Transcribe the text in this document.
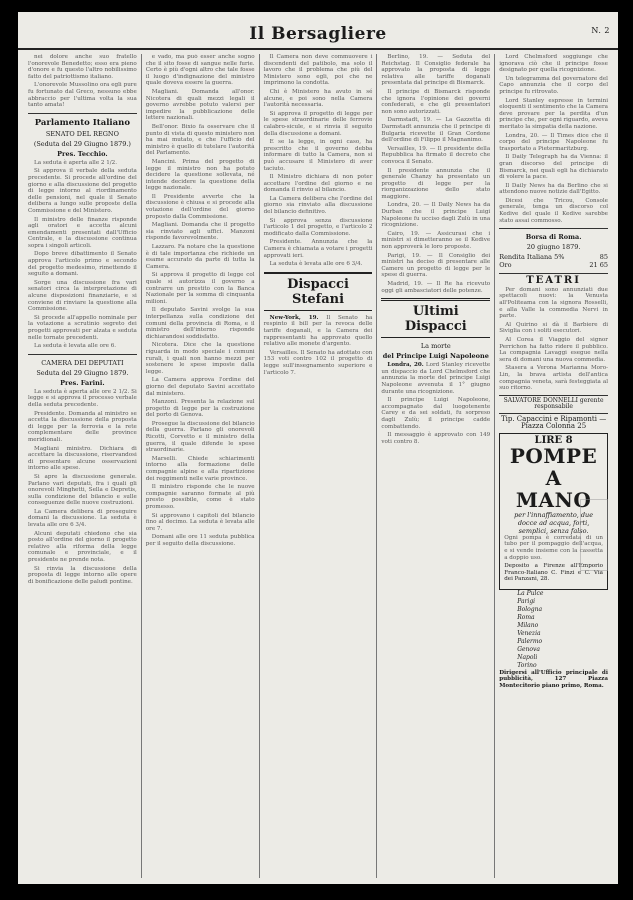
Il Bersagliere	N. 2

nei dolore anche suo fratello l'onorevole Benedetto; esso era pieno d'onore e fu questo l'altro nobilissimo fatto del patriottismo italiano.

L'onorevole Mussolino ora egli pure fu fortunato dal Greco, nessuno ebbe abbraccio per l'ultima volta la sua tanto amata!

Parlamento Italiano
SENATO DEL REGNO
(Seduta del 29 Giugno 1879.)
Pres. Tecchio.

La seduta è aperta alle 2 1/2.

Si approva il verbale della seduta precedente. Si procede all'ordine del giorno e alla discussione del progetto di legge intorno al riordinamento delle pensioni, nel quale il Senato delibera a lungo sulle proposte della Commissione e del Ministero.

Il ministro delle finanze risponde agli oratori e accetta alcuni emendamenti presentati dall'Ufficio Centrale, e la discussione continua sopra i singoli articoli.

Dopo breve dibattimento il Senato approva l'articolo primo e secondo del progetto medesimo, rimettendo il seguito a domani.

Sorge una discussione fra vari senatori circa la interpretazione di alcune disposizioni finanziarie, e si conviene di rinviare la questione alla Commissione.

Si procede all'appello nominale per la votazione a scrutinio segreto dei progetti approvati per alzata e seduta nelle tornate precedenti.

La seduta è levata alle ore 6.

CAMERA DEI DEPUTATI
Seduta del 29 Giugno 1879.
Pres. Farini.

La seduta è aperta alle ore 2 1/2. Si legge e si approva il processo verbale della seduta precedente.

Presidente. Domanda al ministro se accetta la discussione della proposta di legge per la ferrovia e la rete complementare delle province meridionali.

Magliani ministro. Dichiara di accettare la discussione, riservandosi di presentare alcune osservazioni intorno alle spese.

Si apre la discussione generale. Parlano vari deputati, fra i quali gli onorevoli Minghetti, Sella e Depretis, sulla condizione del bilancio e sulle conseguenze delle nuove costruzioni.

La Camera delibera di proseguire domani la discussione. La seduta è levata alle ore 6 3/4.

Alcuni deputati chiedono che sia posto all'ordine del giorno il progetto relativo alla riforma della legge comunale e provinciale, e il presidente ne prende nota.

Si rinvia la discussione della proposta di legge intorno alle opere di bonificazione delle paludi pontine.

e vado, ma può esser anche sogno che il sito fosse di sangue nelle furie. Certo è più d'ogni altro che tale fosse il luogo d'indignazione del ministro quale doveva essere la guerra.

Magliani. Domanda all'onor. Nicotera di quali mezzi legali il governo avrebbe potuto valersi per impedire la pubblicazione delle lettere nazionali.

Bell'onor. Bixio fa osservare che il punto di vista di questo ministero non ha mai mutato, e che l'ufficio del ministro è quello di tutelare l'autorità del Parlamento.

Mancini. Prima del progetto di legge il ministro non ha potuto decidere la questione sollevata, né intende decidere la questione della legge nazionale.

Il Presidente avverte che la discussione è chiusa e si procede alla votazione dell'ordine del giorno proposto dalla Commissione.

Magliani. Domanda che il progetto sia rinviato agli uffici. Manzoni risponde favorevolmente.

Lazzaro. Fa notare che la questione è di tale importanza che richiede un esame accurato da parte di tutta la Camera.

Si approva il progetto di legge col quale si autorizza il governo a contrarre un prestito con la Banca Nazionale per la somma di cinquanta milioni.

Il deputato Savini svolge la sua interpellanza sulla condizione dei comuni della provincia di Roma, e il ministro dell'interno risponde dichiarandosi soddisfatto.

Nicotera. Dice che la questione riguarda in modo speciale i comuni rurali, i quali non hanno mezzi per sostenere le spese imposte dalla legge.

La Camera approva l'ordine del giorno del deputato Savini accettato dal ministero.

Manzoni. Presenta la relazione sul progetto di legge per la costruzione del porto di Genova.

Prosegue la discussione del bilancio della guerra. Parlano gli onorevoli Ricotti, Corvetto e il ministro della guerra, il quale difende le spese straordinarie.

Marselli. Chiede schiarimenti intorno alla formazione delle compagnie alpine e alla ripartizione dei reggimenti nelle varie province.

Il ministro risponde che le nuove compagnie saranno formate al più presto possibile, come è stato promesso.

Si approvano i capitoli del bilancio fino al decimo. La seduta è levata alle ore 7.

Domani alle ore 11 seduta pubblica per il seguito della discussione.

Il Camera non deve commuovere i discendenti del patibolo, ma solo il lavoro che il problema che più del Ministero sono egli, poi che ne imprimono la condotta.

Chi è Ministero ha avuto in sé alcune, e poi sono nella Camera l'autorità necessaria.

Si approva il progetto di legge per le spese straordinarie delle ferrovie calabro-sicule, e si rinvia il seguito della discussione a domani.

E se la legge, in ogni caso, ha prescritto che il governo debba informare di tutto la Camera, non si può accusare il Ministero di aver taciuto.

Il Ministro dichiara di non poter accettare l'ordine del giorno e ne domanda il rinvio al bilancio.

La Camera delibera che l'ordine del giorno sia rinviato alla discussione del bilancio definitivo.

Si approva senza discussione l'articolo 1 del progetto, e l'articolo 2 modificato dalla Commissione.

Presidente. Annunzia che la Camera è chiamata a votare i progetti approvati ieri.

La seduta è levata alle ore 6 3/4.

Dispacci Stefani

New-York, 19. Il Senato ha respinto il bill per la revoca delle tariffe doganali, e la Camera dei rappresentanti ha approvato quello relativo alle monete d'argento.

Versailles. Il Senato ha adottato con 153 voti contro 102 il progetto di legge sull'insegnamento superiore e l'articolo 7.

Berlino, 19. — Seduta del Reichstag. Il Consiglio federale ha approvato la proposta di legge relativa alle tariffe doganali presentata dal principe di Bismarck.

Il principe di Bismarck risponde che ignora l'opinione dei governi confederati, e che gli presentatori non sono autorizzati.

Darmstadt, 19. — La Gazzetta di Darmstadt annunzia che il principe di Bulgaria ricevette il Gran Cordone dell'ordine di Filippo il Magnanimo.

Versailles, 19. — Il presidente della Repubblica ha firmato il decreto che convoca il Senato.

Il presidente annunzia che il generale Chanzy ha presentato un progetto di legge per la riorganizzazione dello stato maggiore.

Londra, 20. — Il Daily News ha da Durban che il principe Luigi Napoleone fu ucciso dagli Zulù in una ricognizione.

Cairo, 19. — Assicurasi che i ministri si dimetteranno se il Kedive non approverà le loro proposte.

Parigi, 19. — Il Consiglio dei ministri ha deciso di presentare alle Camere un progetto di legge per le spese di guerra.

Madrid, 19. — Il Re ha ricevuto oggi gli ambasciatori delle potenze.

Ultimi Dispacci
La morte
del Principe Luigi Napoleone

Londra, 20. Lord Stanley ricevette un dispaccio da Lord Chelmsford che annunzia la morte del principe Luigi Napoleone avvenuta il 1° giugno durante una ricognizione.

Il principe Luigi Napoleone, accompagnato dal luogotenente Carey e da sei soldati, fu sorpreso dagli Zulù; il principe cadde combattendo.

Il messaggio è approvato con 149 voti contro 8.

Lord Chelmsford soggiunge che ignorava ciò che il principe fosse designato per quella ricognizione.

Un telegramma del governatore del Capo annunzia che il corpo del principe fu ritrovato.

Lord Stanley espresse in termini eloquenti il sentimento che la Camera deve provare per la perdita d'un principe che, per ogni riguardo, aveva meritato la simpatia della nazione.

Londra, 20. — Il Times dice che il corpo del principe Napoleone fu trasportato a Pietermaritzburg.

Il Daily Telegraph ha da Vienna: il gran discorso del principe di Bismarck, nei quali egli ha dichiarato di volere la pace.

Il Daily News ha da Berlino che si attendono nuove notizie dall'Egitto.

Dicesi che Tricou, Console generale, tenga un discorso col Kedive del quale il Kedive sarebbe stato assai commosso.

Borsa di Roma.
20 giugno 1879.
Rendita Italiana 5%	85
Oro	21 65
TEATRI

Per domani sono annunziati due spettacoli nuovi: la Venusta all'Politeama con la signora Rosselli, e alla Valle la commedia Nervi in parte.

Al Quirino si dà il Barbiere di Siviglia con i soliti esecutori.

Al Corea il Viaggio del signor Perrichon ha fatto ridere il pubblico. La compagnia Lavaggi esegue nella sera di domani una nuova commedia.

Stasera a Verona Marianna Moro-Lin, la brava artista dell'antica compagnia veneta, sarà festeggiata al suo ritorno.

SALVATORE DONNELLI gerente responsabile
Tip. Capaccini e Ripamonti — Piazza Colonna 25
LIRE 8
POMPE A MANO
per l'innaffiamento, due docce ad acqua, forti, semplici, senza falso.

Ogni pompa è corredata di un tubo per il pompaggio dell'acqua, e si vende insieme con la cassetta a doppio uso.

Deposito a Firenze all'Emporio Franco-Italiano C. Finzi e C. Via dei Panzani, 28.

La Pulce
Parigi
Bologna
Roma
Milano
Venezia
Palermo
Genova
Napoli
Torino

Dirigersi all'Ufficio principale di pubblicità, 127 Piazza Montecitorio piano primo, Roma.
